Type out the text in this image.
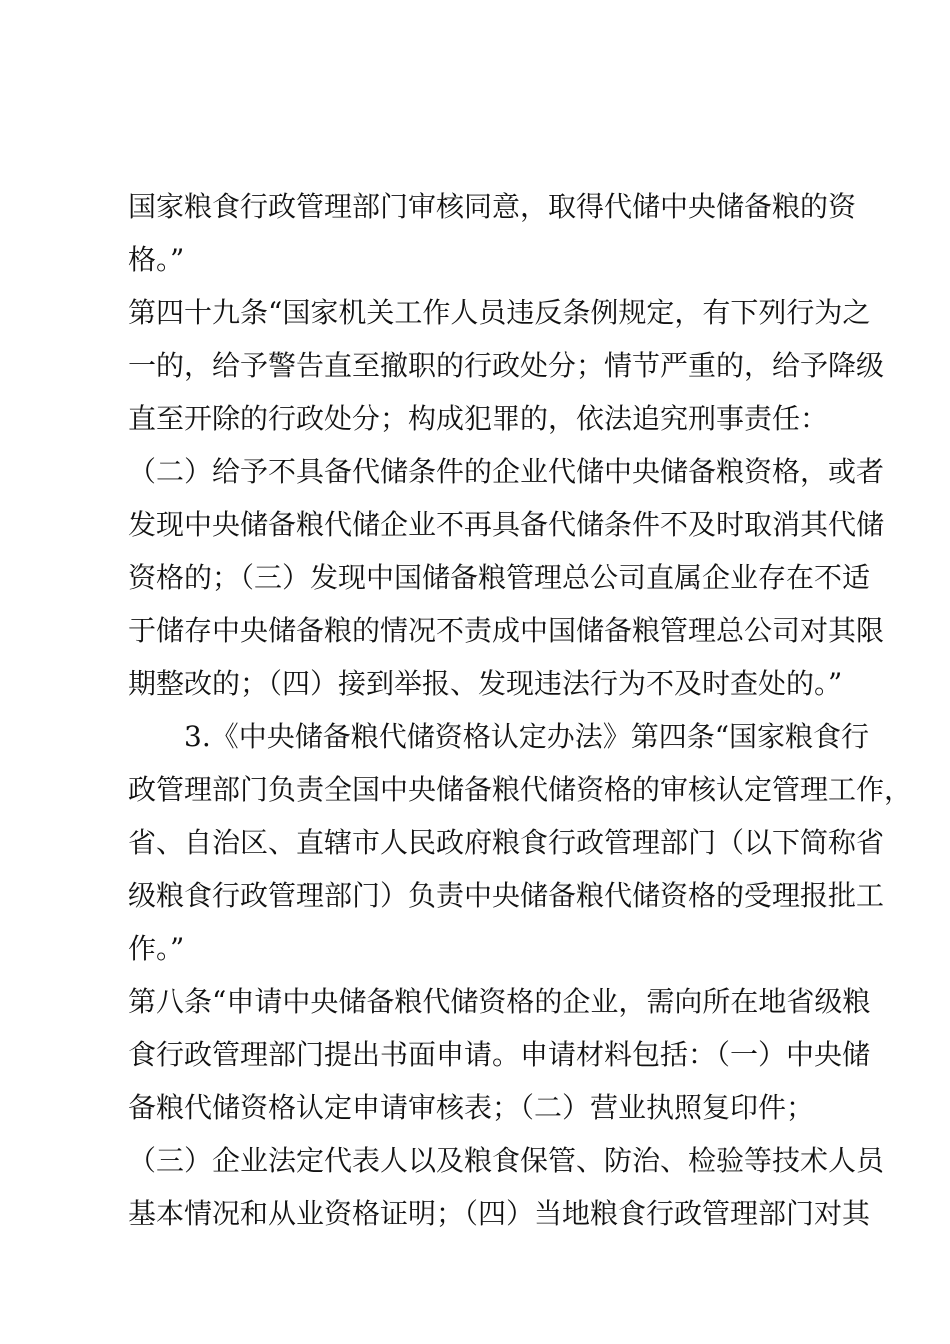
国家粮食行政管理部门审核同意，取得代储中央储备粮的资
格。”
第四十九条“国家机关工作人员违反条例规定，有下列行为之
一的，给予警告直至撤职的行政处分；情节严重的，给予降级
直至开除的行政处分；构成犯罪的，依法追究刑事责任：
（二）给予不具备代储条件的企业代储中央储备粮资格，或者
发现中央储备粮代储企业不再具备代储条件不及时取消其代储
资格的；（三）发现中国储备粮管理总公司直属企业存在不适
于储存中央储备粮的情况不责成中国储备粮管理总公司对其限
期整改的；（四）接到举报、发现违法行为不及时查处的。”
3.《中央储备粮代储资格认定办法》第四条“国家粮食行
政管理部门负责全国中央储备粮代储资格的审核认定管理工作，
省、自治区、直辖市人民政府粮食行政管理部门（以下简称省
级粮食行政管理部门）负责中央储备粮代储资格的受理报批工
作。”
第八条“申请中央储备粮代储资格的企业，需向所在地省级粮
食行政管理部门提出书面申请。申请材料包括：（一）中央储
备粮代储资格认定申请审核表；（二）营业执照复印件；
（三）企业法定代表人以及粮食保管、防治、检验等技术人员
基本情况和从业资格证明；（四）当地粮食行政管理部门对其
